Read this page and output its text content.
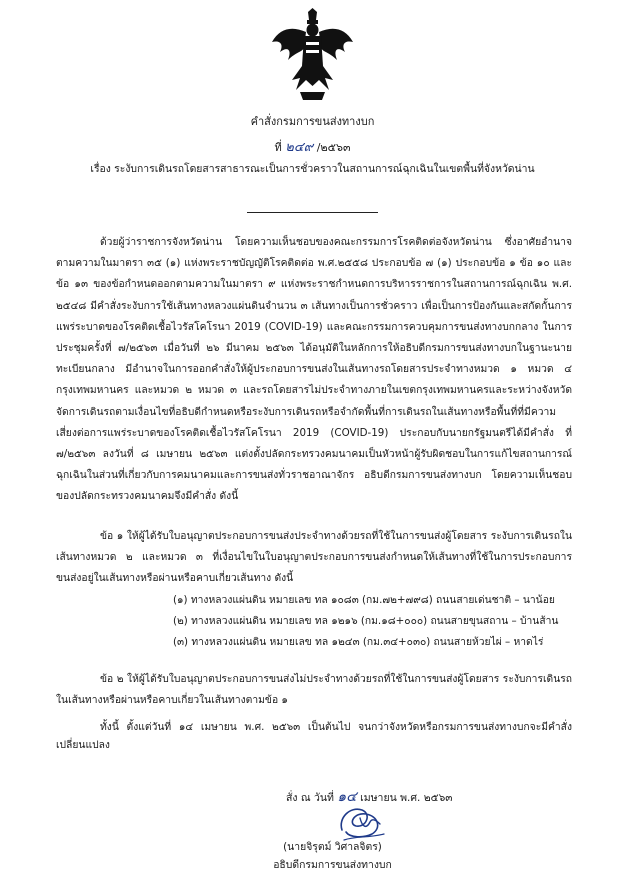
คำสั่งกรมการขนส่งทางบก
ที่ ๒๔๙ /๒๕๖๓
เรื่อง ระงับการเดินรถโดยสารสาธารณะเป็นการชั่วคราวในสถานการณ์ฉุกเฉินในเขตพื้นที่จังหวัดน่าน

ด้วยผู้ว่าราชการจังหวัดน่าน โดยความเห็นชอบของคณะกรรมการโรคติดต่อจังหวัดน่าน ซึ่งอาศัยอำนาจตามความในมาตรา ๓๕ (๑) แห่งพระราชบัญญัติโรคติดต่อ พ.ศ.๒๕๕๘ ประกอบข้อ ๗ (๑) ประกอบข้อ ๑ ข้อ ๑๐ และข้อ ๑๓ ของข้อกำหนดออกตามความในมาตรา ๙ แห่งพระราชกำหนดการบริหารราชการในสถานการณ์ฉุกเฉิน พ.ศ. ๒๕๔๘ มีคำสั่งระงับการใช้เส้นทางหลวงแผ่นดินจำนวน ๓ เส้นทางเป็นการชั่วคราว เพื่อเป็นการป้องกันและสกัดกั้นการแพร่ระบาดของโรคติดเชื้อไวรัสโคโรนา 2019 (COVID-19) และคณะกรรมการควบคุมการขนส่งทางบกกลาง ในการประชุมครั้งที่ ๗/๒๕๖๓ เมื่อวันที่ ๒๖ มีนาคม ๒๕๖๓ ได้อนุมัติในหลักการให้อธิบดีกรมการขนส่งทางบกในฐานะนายทะเบียนกลาง มีอำนาจในการออกคำสั่งให้ผู้ประกอบการขนส่งในเส้นทางรถโดยสารประจำทางหมวด ๑ หมวด ๔ กรุงเทพมหานคร และหมวด ๒ หมวด ๓ และรถโดยสารไม่ประจำทางภายในเขตกรุงเทพมหานครและระหว่างจังหวัด จัดการเดินรถตามเงื่อนไขที่อธิบดีกำหนดหรือระงับการเดินรถหรือจำกัดพื้นที่การเดินรถในเส้นทางหรือพื้นที่ที่มีความเสี่ยงต่อการแพร่ระบาดของโรคติดเชื้อไวรัสโคโรนา 2019 (COVID-19) ประกอบกับนายกรัฐมนตรีได้มีคำสั่ง ที่ ๗/๒๕๖๓ ลงวันที่ ๘ เมษายน ๒๕๖๓ แต่งตั้งปลัดกระทรวงคมนาคมเป็นหัวหน้าผู้รับผิดชอบในการแก้ไขสถานการณ์ฉุกเฉินในส่วนที่เกี่ยวกับการคมนาคมและการขนส่งทั่วราชอาณาจักร อธิบดีกรมการขนส่งทางบก โดยความเห็นชอบของปลัดกระทรวงคมนาคมจึงมีคำสั่ง ดังนี้

ข้อ ๑ ให้ผู้ได้รับใบอนุญาตประกอบการขนส่งประจำทางด้วยรถที่ใช้ในการขนส่งผู้โดยสาร ระงับการเดินรถในเส้นทางหมวด ๒ และหมวด ๓ ที่เงื่อนไขในใบอนุญาตประกอบการขนส่งกำหนดให้เส้นทางที่ใช้ในการประกอบการขนส่งอยู่ในเส้นทางหรือผ่านหรือคาบเกี่ยวเส้นทาง ดังนี้

(๑) ทางหลวงแผ่นดิน หมายเลข ทล ๑๐๘๓ (กม.๗๒+๗๙๘) ถนนสายเด่นชาติ – นาน้อย

(๒) ทางหลวงแผ่นดิน หมายเลข ทล ๑๒๑๖ (กม.๑๘+๐๐๐) ถนนสายขุนสถาน – บ้านส้าน

(๓) ทางหลวงแผ่นดิน หมายเลข ทล ๑๒๔๓ (กม.๓๔+๐๓๐) ถนนสายห้วยไผ่ – หาดไร่

ข้อ ๒ ให้ผู้ได้รับใบอนุญาตประกอบการขนส่งไม่ประจำทางด้วยรถที่ใช้ในการขนส่งผู้โดยสาร ระงับการเดินรถในเส้นทางหรือผ่านหรือคาบเกี่ยวในเส้นทางตามข้อ ๑

ทั้งนี้ ตั้งแต่วันที่ ๑๔ เมษายน พ.ศ. ๒๕๖๓ เป็นต้นไป จนกว่าจังหวัดหรือกรมการขนส่งทางบกจะมีคำสั่งเปลี่ยนแปลง

สั่ง ณ วันที่ ๑๔ เมษายน พ.ศ. ๒๕๖๓
(นายจิรุตม์ วิศาลจิตร)
อธิบดีกรมการขนส่งทางบก
